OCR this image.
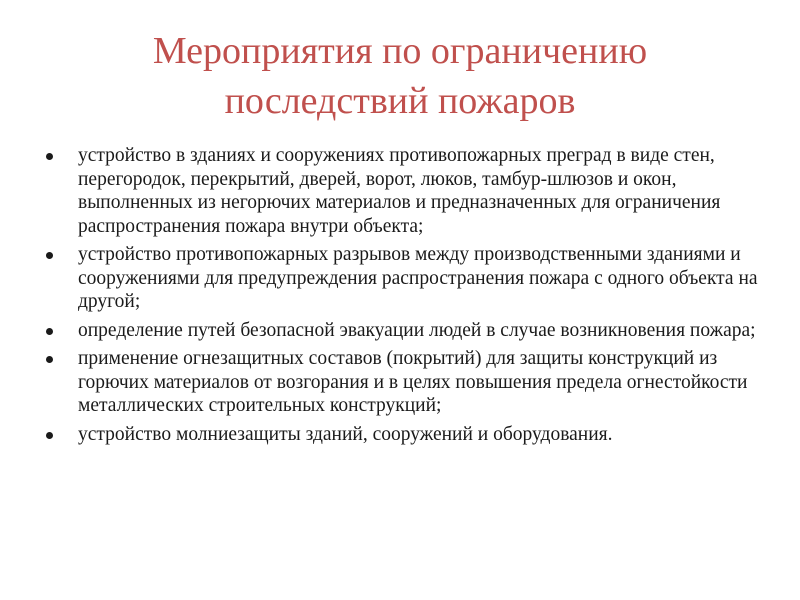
Мероприятия по ограничению
последствий пожаров
устройство в зданиях и сооружениях противопожарных преград в виде стен, перегородок, перекрытий, дверей, ворот, люков, тамбур-шлюзов и окон, выполненных из негорючих материалов и предназначенных для ограничения распространения пожара внутри объекта;
устройство противопожарных разрывов между производственными зданиями и сооружениями для предупреждения распространения пожара с одного объекта на другой;
определение путей безопасной эвакуации людей в случае возникновения пожара;
применение огнезащитных составов (покрытий) для защиты конструкций из горючих материалов от возгорания и в целях повышения предела огнестойкости металлических строительных конструкций;
устройство молниезащиты зданий, сооружений и оборудования.
